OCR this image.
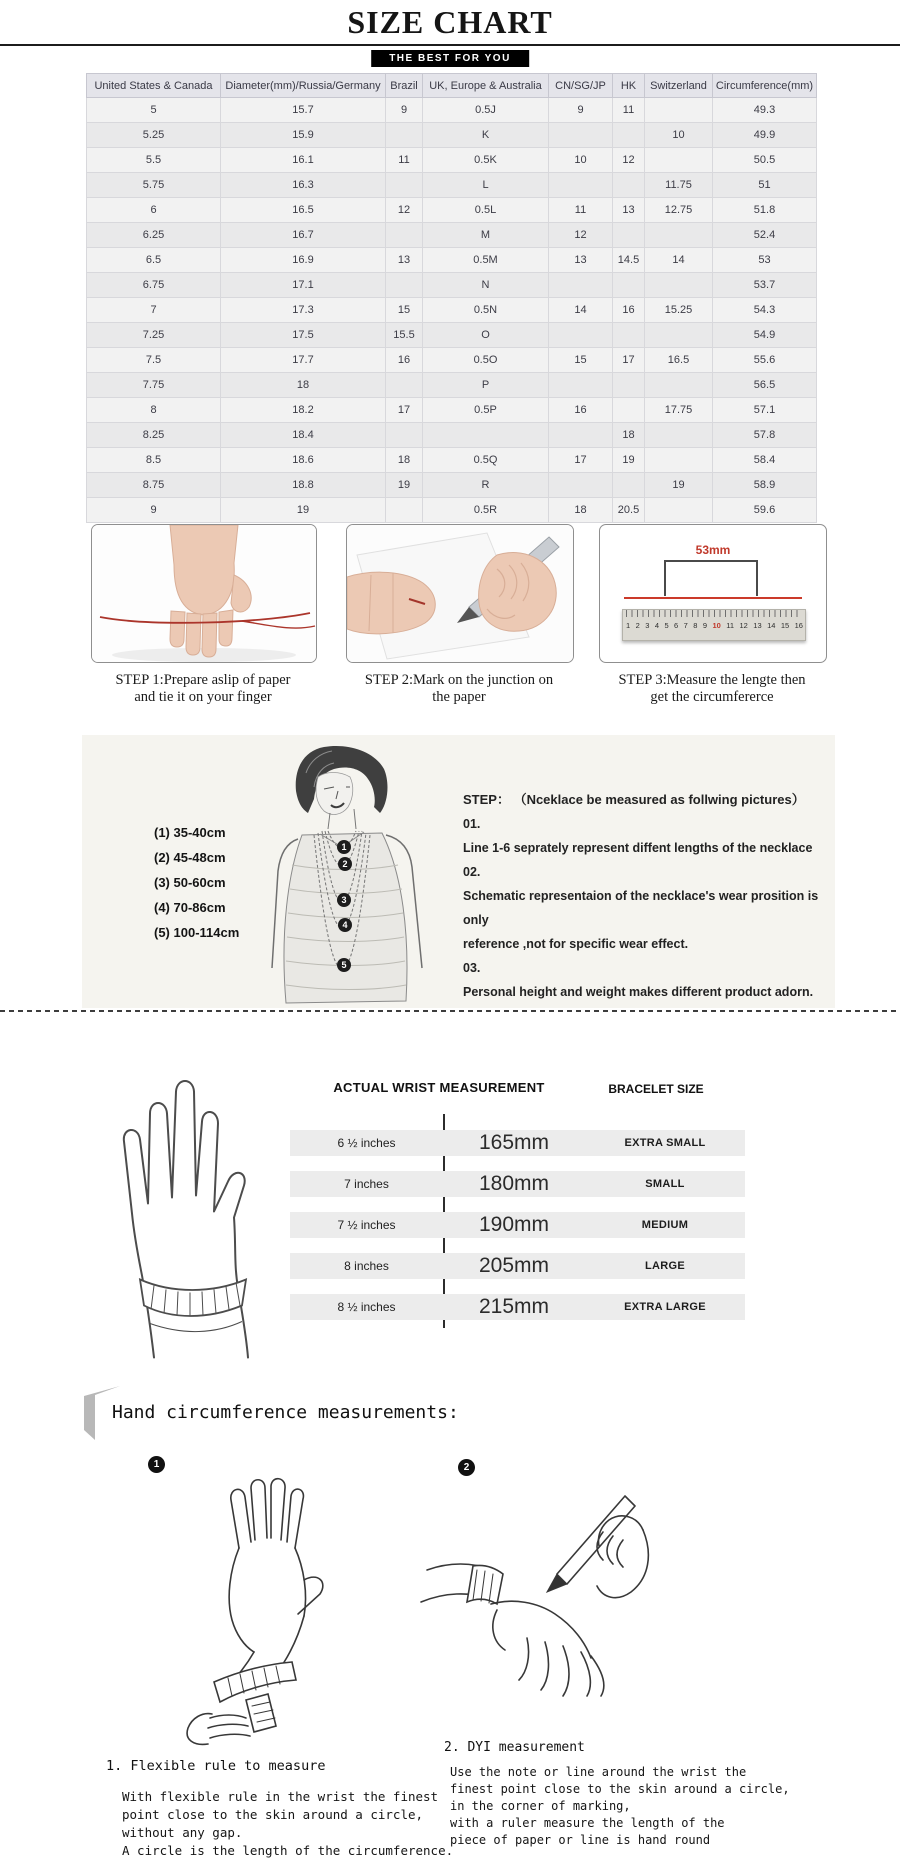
SIZE CHART
THE BEST FOR YOU
United States & Canada	Diameter(mm)/Russia/Germany	Brazil	UK, Europe & Australia	CN/SG/JP	HK	Switzerland	Circumference(mm)
5	15.7	9	0.5J	9	11		49.3
5.25	15.9		K			10	49.9
5.5	16.1	11	0.5K	10	12		50.5
5.75	16.3		L			11.75	51
6	16.5	12	0.5L	11	13	12.75	51.8
6.25	16.7		M	12			52.4
6.5	16.9	13	0.5M	13	14.5	14	53
6.75	17.1		N				53.7
7	17.3	15	0.5N	14	16	15.25	54.3
7.25	17.5	15.5	O				54.9
7.5	17.7	16	0.5O	15	17	16.5	55.6
7.75	18		P				56.5
8	18.2	17	0.5P	16		17.75	57.1
8.25	18.4				18		57.8
8.5	18.6	18	0.5Q	17	19		58.4
8.75	18.8	19	R			19	58.9
9	19		0.5R	18	20.5		59.6
53mm
1 2 3 4 5 6 7 8 9 10 11 12 13 14 15 16
STEP 1:Prepare aslip of paper
and tie it on your finger
STEP 2:Mark on the junction on
the paper
STEP 3:Measure the lengte then
get the circumfererce
(1) 35-40cm
(2) 45-48cm
(3) 50-60cm
(4) 70-86cm
(5) 100-114cm
1
2
3
4
5
STEP： （Nceklace be measured as follwing pictures）
01.
Line 1-6 seprately represent diffent lengths of the necklace
02.
Schematic representaion of the necklace's wear prosition is only
reference ,not for specific wear effect.
03.
Personal height and weight makes different product adorn.
ACTUAL WRIST MEASUREMENT	BRACELET SIZE
6 ½ inches	165mm	EXTRA SMALL
7 inches	180mm	SMALL
7 ½ inches	190mm	MEDIUM
8 inches	205mm	LARGE
8 ½ inches	215mm	EXTRA LARGE
Hand circumference measurements:
1	2
1. Flexible rule to measure
With flexible rule in the wrist the finest
point close to the skin around a circle,
without any gap.
A circle is the length of the circumference.
2. DYI measurement
Use the note or line around the wrist the
finest point close to the skin around a circle,
in the corner of marking,
with a ruler measure the length of the
piece of paper or line is hand round
